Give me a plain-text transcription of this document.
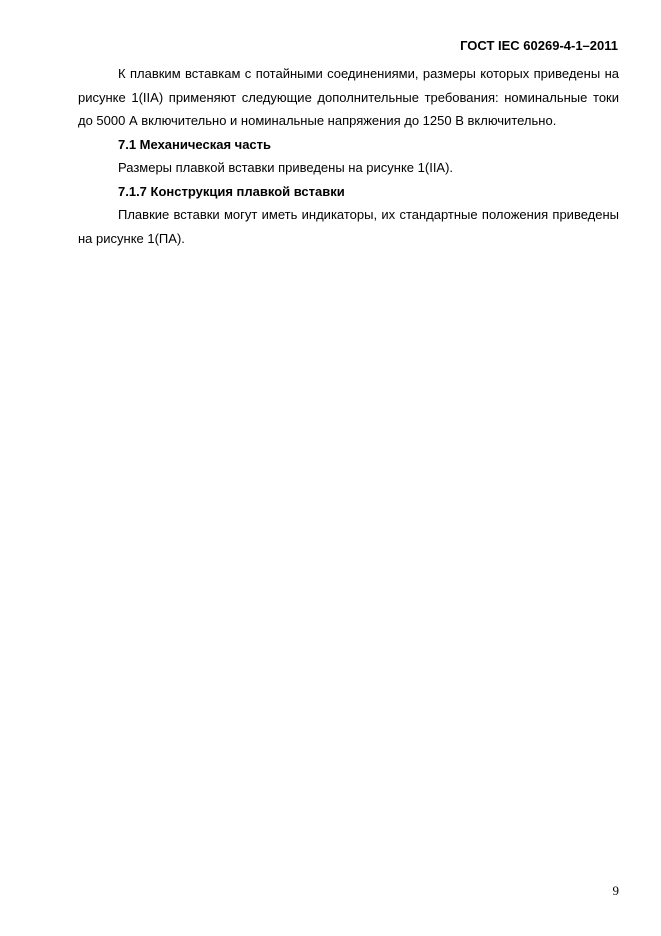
ГОСТ IEC 60269-4-1–2011

К плавким вставкам с потайными соединениями, размеры которых приведены на рисунке 1(IIA) применяют следующие дополнительные требования: номинальные токи до 5000 А включительно и номинальные напряжения до 1250 В включительно.

7.1 Механическая часть

Размеры плавкой вставки приведены на рисунке 1(IIA).

7.1.7 Конструкция плавкой вставки

Плавкие вставки могут иметь индикаторы, их стандартные положения приведены на рисунке 1(ПА).

9
